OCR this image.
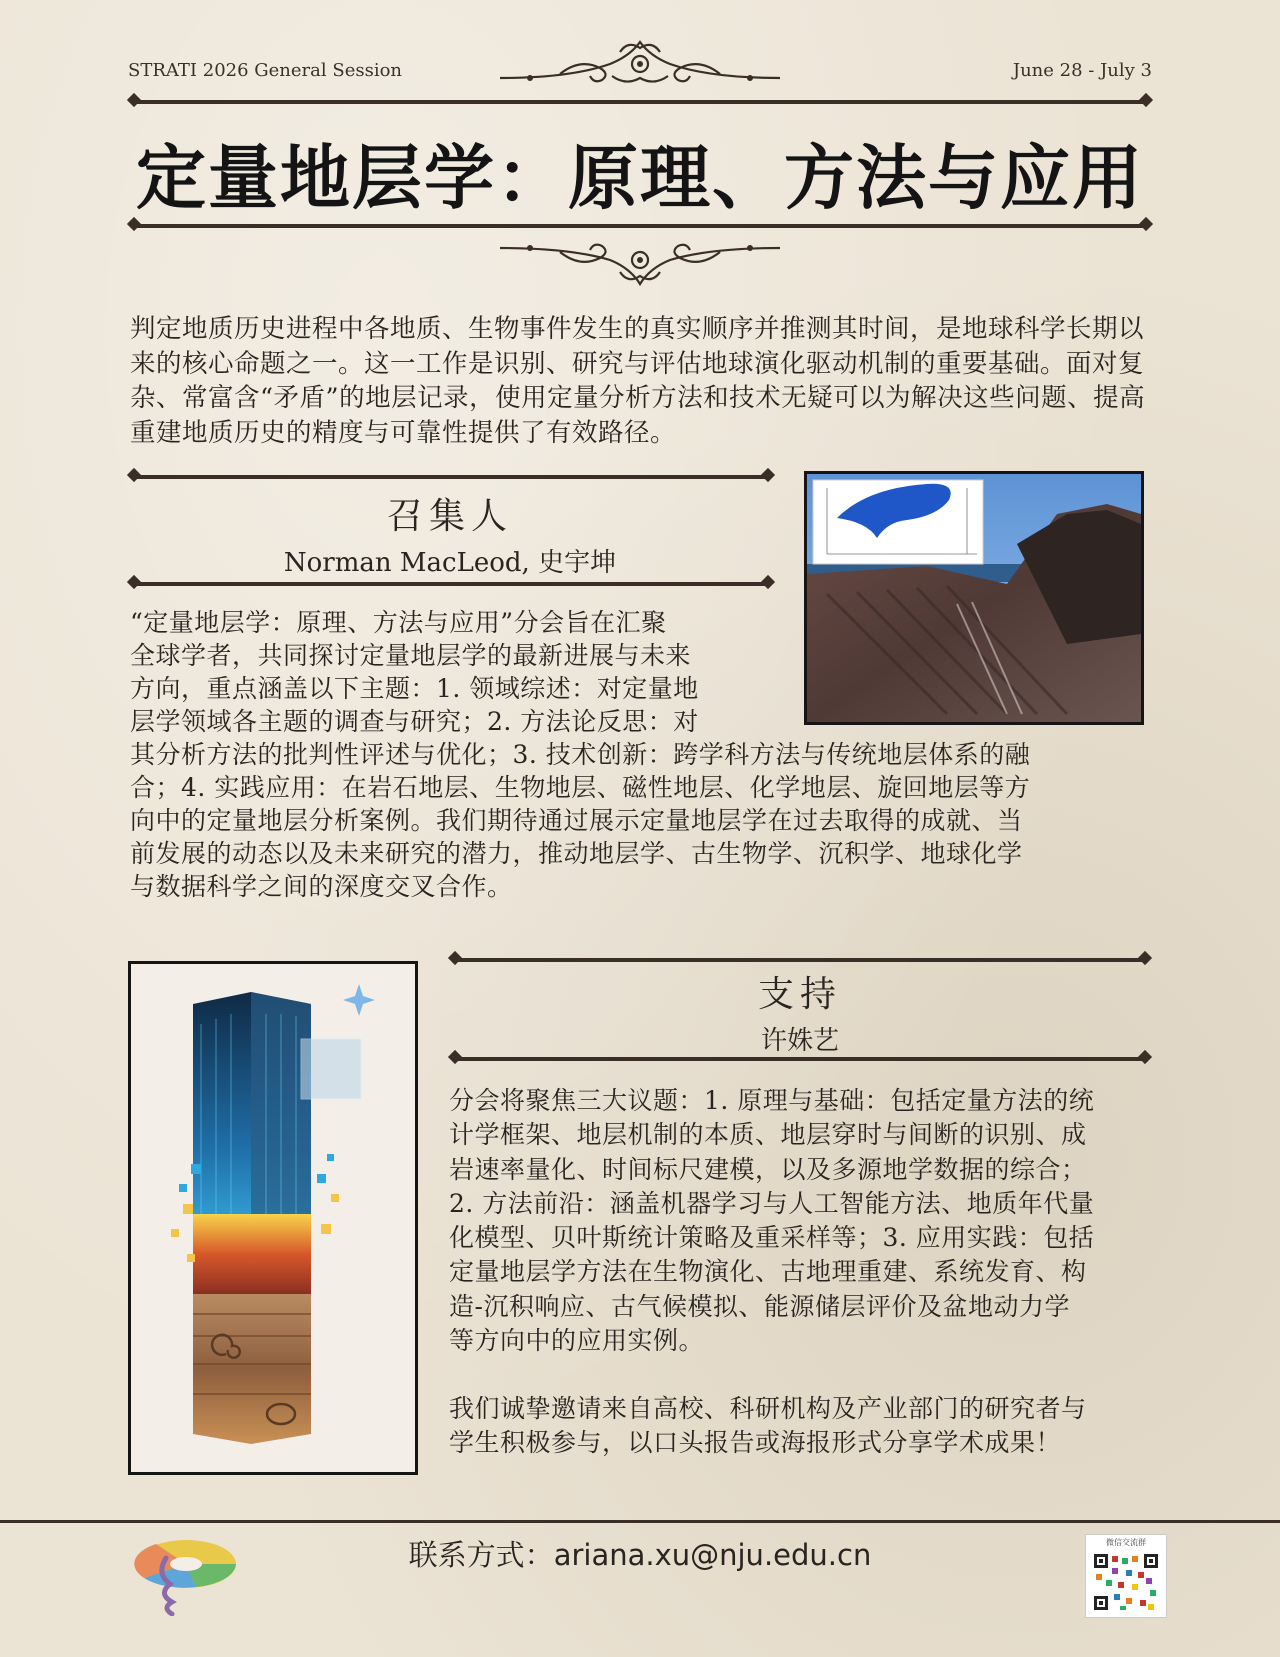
STRATI 2026 General Session	June 28 - July 3
定量地层学：原理、方法与应用
判定地质历史进程中各地质、生物事件发生的真实顺序并推测其时间，是地球科学长期以来的核心命题之一。这一工作是识别、研究与评估地球演化驱动机制的重要基础。面对复杂、常富含“矛盾”的地层记录，使用定量分析方法和技术无疑可以为解决这些问题、提高重建地质历史的精度与可靠性提供了有效路径。
召集人
Norman MacLeod, 史宇坤
“定量地层学：原理、方法与应用”分会旨在汇聚
全球学者，共同探讨定量地层学的最新进展与未来
方向，重点涵盖以下主题：1. 领域综述：对定量地
层学领域各主题的调查与研究；2. 方法论反思：对
其分析方法的批判性评述与优化；3. 技术创新：跨学科方法与传统地层体系的融
合；4. 实践应用：在岩石地层、生物地层、磁性地层、化学地层、旋回地层等方
向中的定量地层分析案例。我们期待通过展示定量地层学在过去取得的成就、当
前发展的动态以及未来研究的潜力，推动地层学、古生物学、沉积学、地球化学
与数据科学之间的深度交叉合作。
支持
许姝艺
分会将聚焦三大议题：1. 原理与基础：包括定量方法的统
计学框架、地层机制的本质、地层穿时与间断的识别、成
岩速率量化、时间标尺建模，以及多源地学数据的综合；
2. 方法前沿：涵盖机器学习与人工智能方法、地质年代量
化模型、贝叶斯统计策略及重采样等；3. 应用实践：包括
定量地层学方法在生物演化、古地理重建、系统发育、构
造-沉积响应、古气候模拟、能源储层评价及盆地动力学
等方向中的应用实例。
我们诚挚邀请来自高校、科研机构及产业部门的研究者与
学生积极参与，以口头报告或海报形式分享学术成果！
联系方式：ariana.xu@nju.edu.cn	微信交流群
